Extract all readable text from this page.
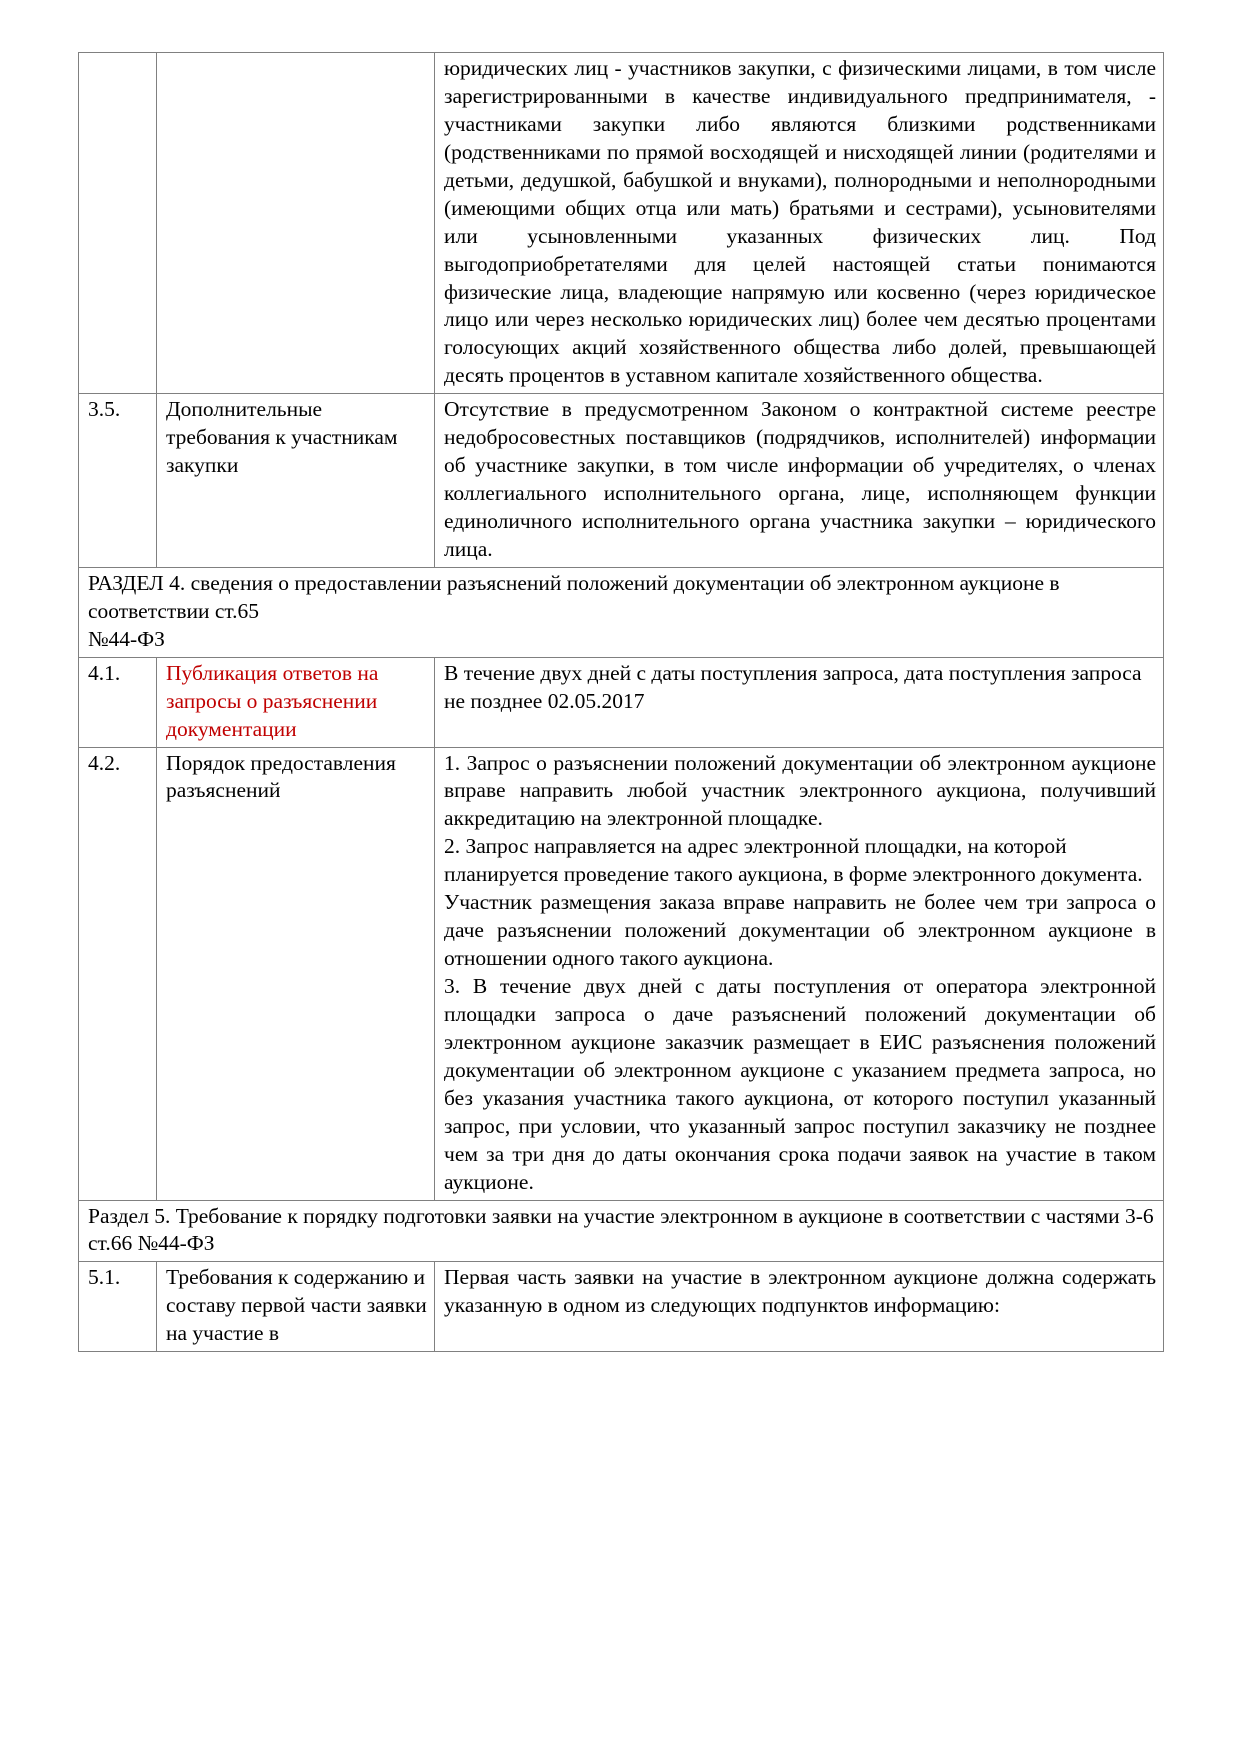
		юридических лиц - участников закупки, с физическими лицами, в том числе зарегистрированными в качестве индивидуального предпринимателя, - участниками закупки либо являются близкими родственниками (родственниками по прямой восходящей и нисходящей линии (родителями и детьми, дедушкой, бабушкой и внуками), полнородными и неполнородными (имеющими общих отца или мать) братьями и сестрами), усыновителями или усыновленными указанных физических лиц. Под выгодоприобретателями для целей настоящей статьи понимаются физические лица, владеющие напрямую или косвенно (через юридическое лицо или через несколько юридических лиц) более чем десятью процентами голосующих акций хозяйственного общества либо долей, превышающей десять процентов в уставном капитале хозяйственного общества.
3.5.	Дополнительные требования к участникам закупки	Отсутствие в предусмотренном Законом о контрактной системе реестре недобросовестных поставщиков (подрядчиков, исполнителей) информации об участнике закупки, в том числе информации об учредителях, о членах коллегиального исполнительного органа, лице, исполняющем функции единоличного исполнительного органа участника закупки – юридического лица.

РАЗДЕЛ 4. сведения о предоставлении разъяснений положений документации об электронном аукционе в соответствии ст.65

№44-ФЗ		

4.1.	Публикация ответов на запросы о разъяснении документации	В течение двух дней с даты поступления запроса, дата поступления запроса не позднее 02.05.2017
4.2.	Порядок предоставления разъяснений	1. Запрос о разъяснении положений документации об электронном аукционе вправе направить любой участник электронного аукциона, получивший аккредитацию на электронной площадке.

2. Запрос направляется на адрес электронной площадки, на которой планируется проведение такого аукциона, в форме электронного документа.

Участник размещения заказа вправе направить не более чем три запроса о даче разъяснении положений документации об электронном аукционе в отношении одного такого аукциона.

3. В течение двух дней с даты поступления от оператора электронной площадки запроса о даче разъяснений положений документации об электронном аукционе заказчик размещает в ЕИС разъяснения положений документации об электронном аукционе с указанием предмета запроса, но без указания участника такого аукциона, от которого поступил указанный запрос, при условии, что указанный запрос поступил заказчику не позднее чем за три дня до даты окончания срока подачи заявок на участие в таком аукционе.

Раздел 5. Требование к порядку подготовки заявки на участие электронном в аукционе в соответствии с частями 3-6 ст.66 №44-ФЗ		

5.1.	Требования к содержанию и составу первой части заявки на участие в	Первая часть заявки на участие в электронном аукционе должна содержать указанную в одном из следующих подпунктов информацию:
